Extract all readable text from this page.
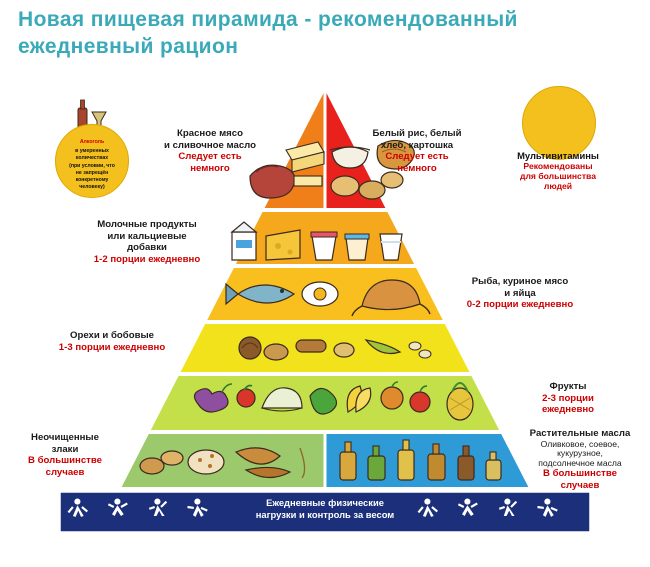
Новая пищевая пирамида - рекомендованный
ежедневный рацион
Алкоголь
в умеренных
количествах
(при условии, что
не запрещён
конкретному
человеку)
Мультивитамины
Рекомендованы
для большинства
людей
Красное мясо
и сливочное масло
Следует есть
немного
Белый рис, белый
хлеб, картошка
Следует есть
немного
Молочные продукты
или кальциевые
добавки
1-2 порции ежедневно
Рыба, куриное мясо
и яйца
0-2 порции ежедневно
Орехи и бобовые
1-3 порции ежедневно
Фрукты
2-3 порции
ежедневно
Неочищенные
злаки
В большинстве
случаев
Растительные масла
Оливковое, соевое,
кукурузное,
подсолнечное масла
В большинстве
случаев
Ежедневные физические
нагрузки и контроль за весом
